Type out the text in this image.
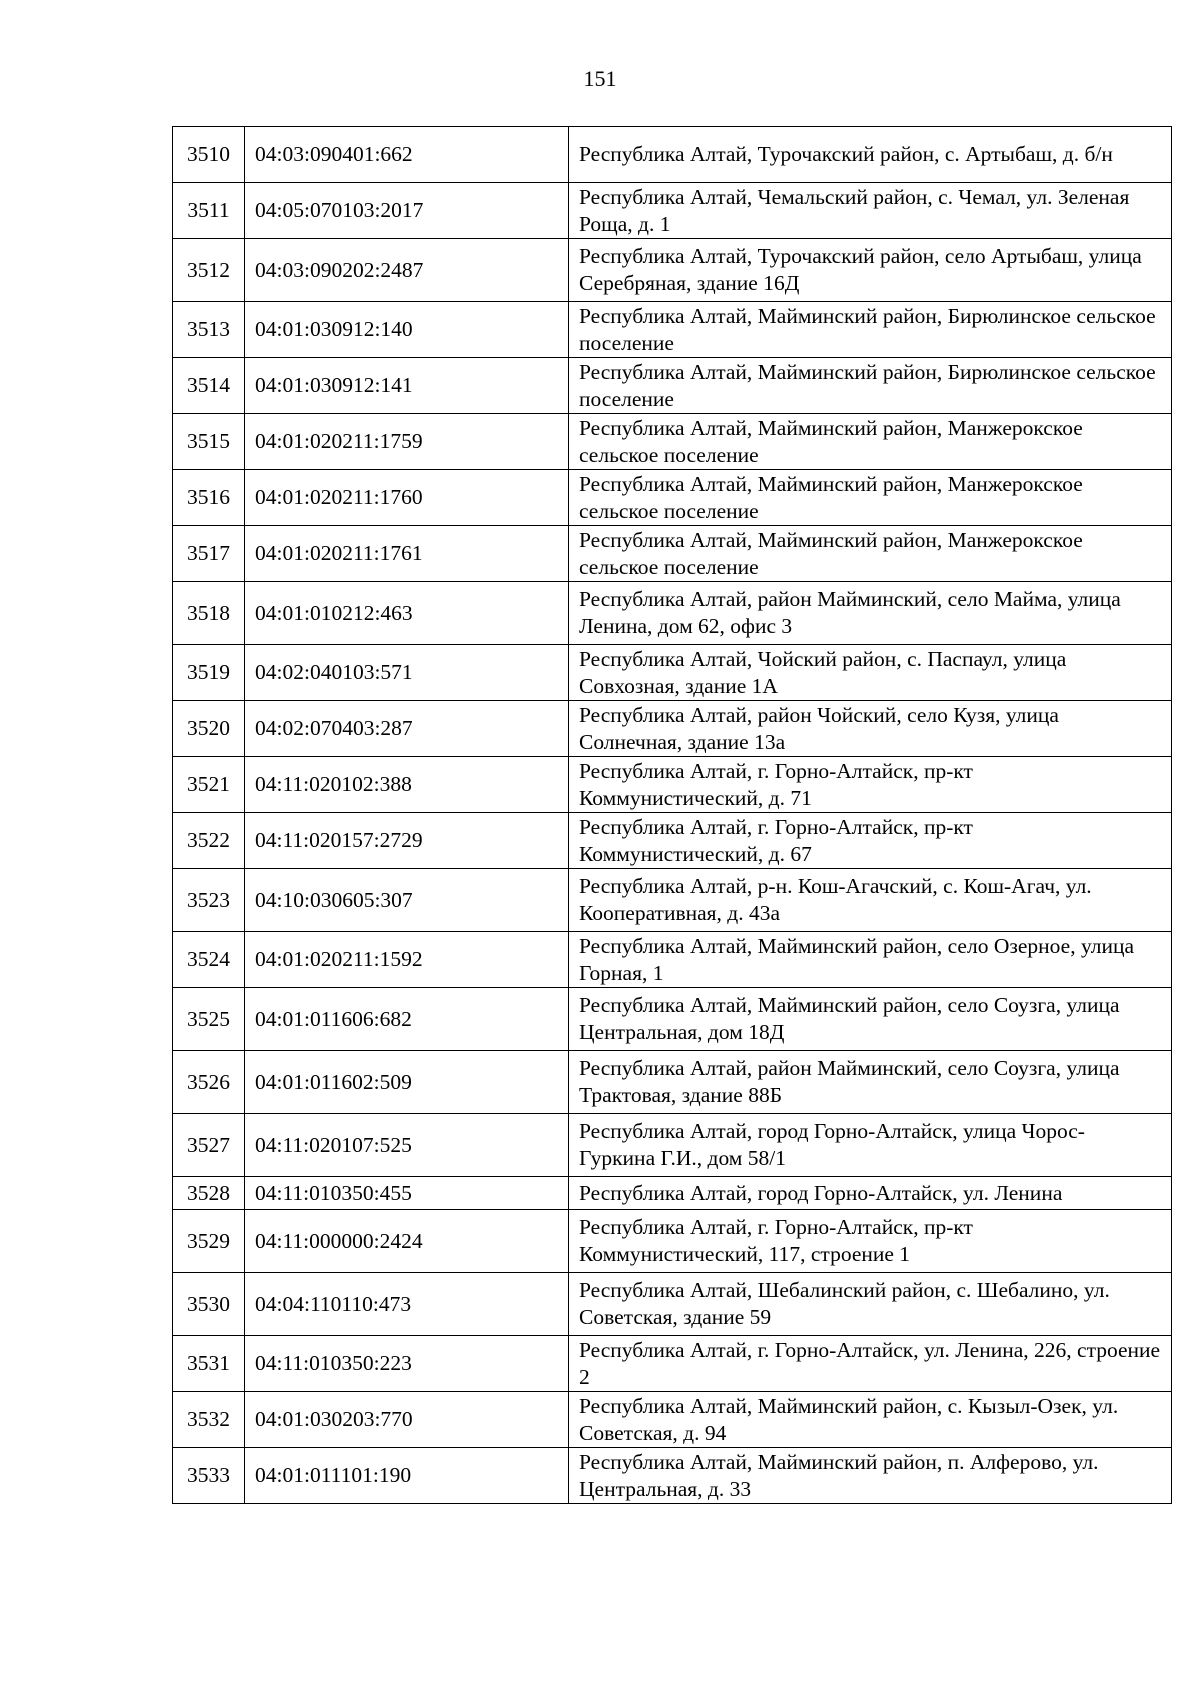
151
3510	04:03:090401:662	Республика Алтай, Турочакский район, с. Артыбаш, д. б/н
3511	04:05:070103:2017	Республика Алтай, Чемальский район, с. Чемал, ул. Зеленая Роща, д. 1
3512	04:03:090202:2487	Республика Алтай, Турочакский район, село Артыбаш, улица Серебряная, здание 16Д
3513	04:01:030912:140	Республика Алтай, Майминский район, Бирюлинское сельское поселение
3514	04:01:030912:141	Республика Алтай, Майминский район, Бирюлинское сельское поселение
3515	04:01:020211:1759	Республика Алтай, Майминский район, Манжерокское сельское поселение
3516	04:01:020211:1760	Республика Алтай, Майминский район, Манжерокское сельское поселение
3517	04:01:020211:1761	Республика Алтай, Майминский район, Манжерокское сельское поселение
3518	04:01:010212:463	Республика Алтай, район Майминский, село Майма, улица Ленина, дом 62, офис 3
3519	04:02:040103:571	Республика Алтай, Чойский район, с. Паспаул, улица Совхозная, здание 1А
3520	04:02:070403:287	Республика Алтай, район Чойский, село Кузя, улица Солнечная, здание 13а
3521	04:11:020102:388	Республика Алтай, г. Горно-Алтайск, пр-кт Коммунистический, д. 71
3522	04:11:020157:2729	Республика Алтай, г. Горно-Алтайск, пр-кт Коммунистический, д. 67
3523	04:10:030605:307	Республика Алтай, р-н. Кош-Агачский, с. Кош-Агач, ул. Кооперативная, д. 43а
3524	04:01:020211:1592	Республика Алтай, Майминский район, село Озерное, улица Горная, 1
3525	04:01:011606:682	Республика Алтай, Майминский район, село Соузга, улица Центральная, дом 18Д
3526	04:01:011602:509	Республика Алтай, район Майминский, село Соузга, улица Трактовая, здание 88Б
3527	04:11:020107:525	Республика Алтай, город Горно-Алтайск, улица Чорос-Гуркина Г.И., дом 58/1
3528	04:11:010350:455	Республика Алтай, город Горно-Алтайск, ул. Ленина
3529	04:11:000000:2424	Республика Алтай, г. Горно-Алтайск, пр-кт Коммунистический, 117, строение 1
3530	04:04:110110:473	Республика Алтай, Шебалинский район, с. Шебалино, ул. Советская, здание 59
3531	04:11:010350:223	Республика Алтай, г. Горно-Алтайск, ул. Ленина, 226, строение 2
3532	04:01:030203:770	Республика Алтай, Майминский район, с. Кызыл-Озек, ул. Советская, д. 94
3533	04:01:011101:190	Республика Алтай, Майминский район, п. Алферово, ул. Центральная, д. 33
